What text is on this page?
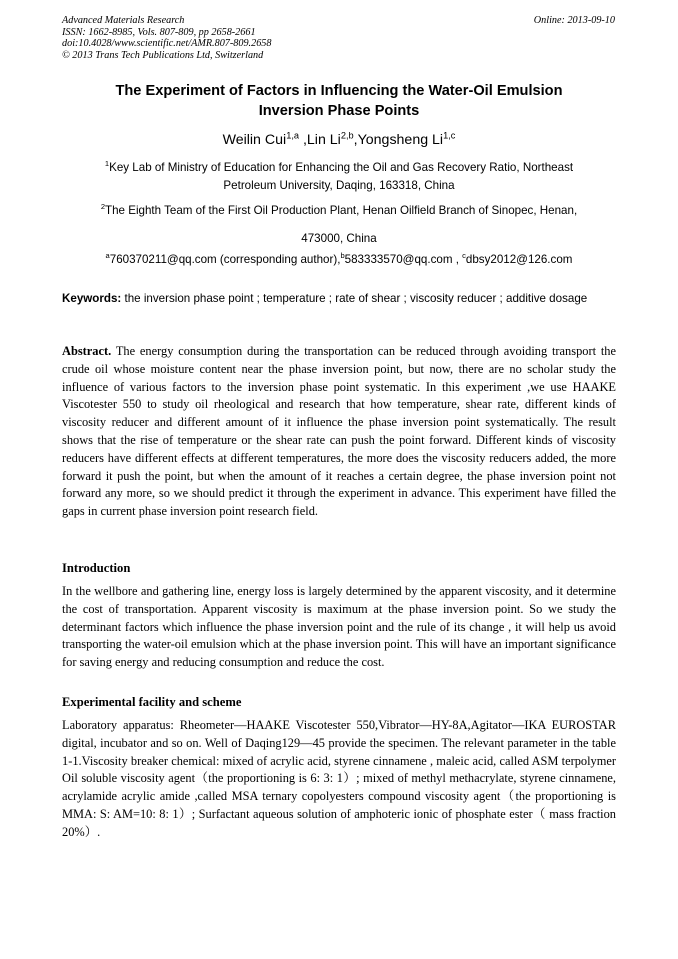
Advanced Materials Research
ISSN: 1662-8985, Vols. 807-809, pp 2658-2661
doi:10.4028/www.scientific.net/AMR.807-809.2658
© 2013 Trans Tech Publications Ltd, Switzerland
Online: 2013-09-10
The Experiment of Factors in Influencing the Water-Oil Emulsion
Inversion Phase Points
Weilin Cui$^{1,a}$ ,Lin Li$^{2,b}$,Yongsheng Li$^{1,c}$
$^1$Key Lab of Ministry of Education for Enhancing the Oil and Gas Recovery Ratio, Northeast
Petroleum University, Daqing, 163318, China
$^2$The Eighth Team of the First Oil Production Plant, Henan Oilfield Branch of Sinopec, Henan,
473000, China
$^a$760370211@qq.com (corresponding author),$^b$583333570@qq.com , $^c$dbsy2012@126.com
Keywords: the inversion phase point ; temperature ; rate of shear ; viscosity reducer ; additive dosage
Abstract. The energy consumption during the transportation can be reduced through avoiding transport the crude oil whose moisture content near the phase inversion point, but now, there are no scholar study the influence of various factors to the inversion phase point systematic. In this experiment ,we use HAAKE Viscotester 550 to study oil rheological and research that how temperature, shear rate, different kinds of viscosity reducer and different amount of it influence the phase inversion point systematically. The result shows that the rise of temperature or the shear rate can push the point forward. Different kinds of viscosity reducers have different effects at different temperatures, the more does the viscosity reducers added, the more forward it push the point, but when the amount of it reaches a certain degree, the phase inversion point not forward any more, so we should predict it through the experiment in advance. This experiment have filled the gaps in current phase inversion point research field.
Introduction
In the wellbore and gathering line, energy loss is largely determined by the apparent viscosity, and it determine the cost of transportation. Apparent viscosity is maximum at the phase inversion point. So we study the determinant factors which influence the phase inversion point and the rule of its change , it will help us avoid transporting the water-oil emulsion which at the phase inversion point. This will have an important significance for saving energy and reducing consumption and reduce the cost.
Experimental facility and scheme
Laboratory apparatus: Rheometer—HAAKE Viscotester 550,Vibrator—HY-8A,Agitator—IKA EUROSTAR digital, incubator and so on. Well of Daqing129—45 provide the specimen. The relevant parameter in the table 1-1.Viscosity breaker chemical: mixed of acrylic acid, styrene cinnamene , maleic acid, called ASM terpolymer Oil soluble viscosity agent（the proportioning is 6: 3: 1）; mixed of methyl methacrylate, styrene cinnamene, acrylamide acrylic amide ,called MSA ternary copolyesters compound viscosity agent（the proportioning is MMA: S: AM=10: 8: 1）; Surfactant aqueous solution of amphoteric ionic of phosphate ester（ mass fraction 20%）.
